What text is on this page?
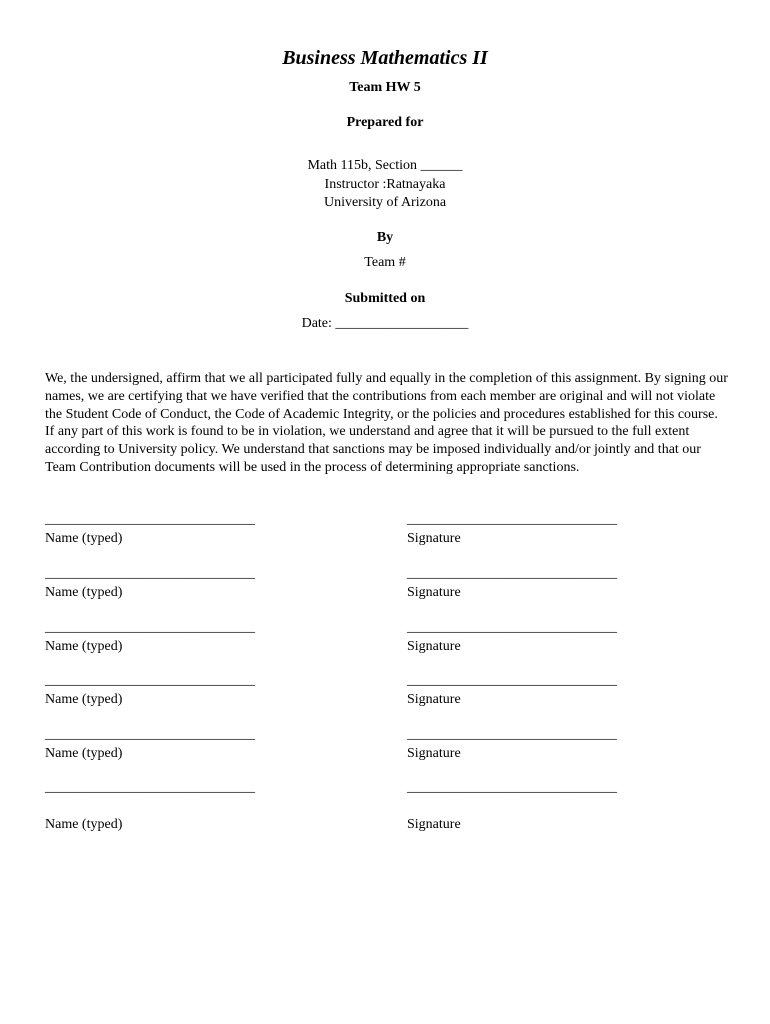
Business Mathematics II
Team HW 5
Prepared for
Math 115b, Section ______
Instructor :Ratnayaka
University of Arizona
By
Team #
Submitted on
Date: ___________________
We, the undersigned, affirm that we all participated fully and equally in the completion of this assignment. By signing our names, we are certifying that we have verified that the contributions from each member are original and will not violate the Student Code of Conduct, the Code of Academic Integrity, or the policies and procedures established for this course. If any part of this work is found to be in violation, we understand and agree that it will be pursued to the full extent according to University policy. We understand that sanctions may be imposed individually and/or jointly and that our Team Contribution documents will be used in the process of determining appropriate sanctions.
______________________________	______________________________
Name (typed)	Signature
______________________________	______________________________
Name (typed)	Signature
______________________________	______________________________
Name (typed)	Signature
______________________________	______________________________
Name (typed)	Signature
______________________________	______________________________
Name (typed)	Signature
______________________________	______________________________
Name (typed)	Signature
